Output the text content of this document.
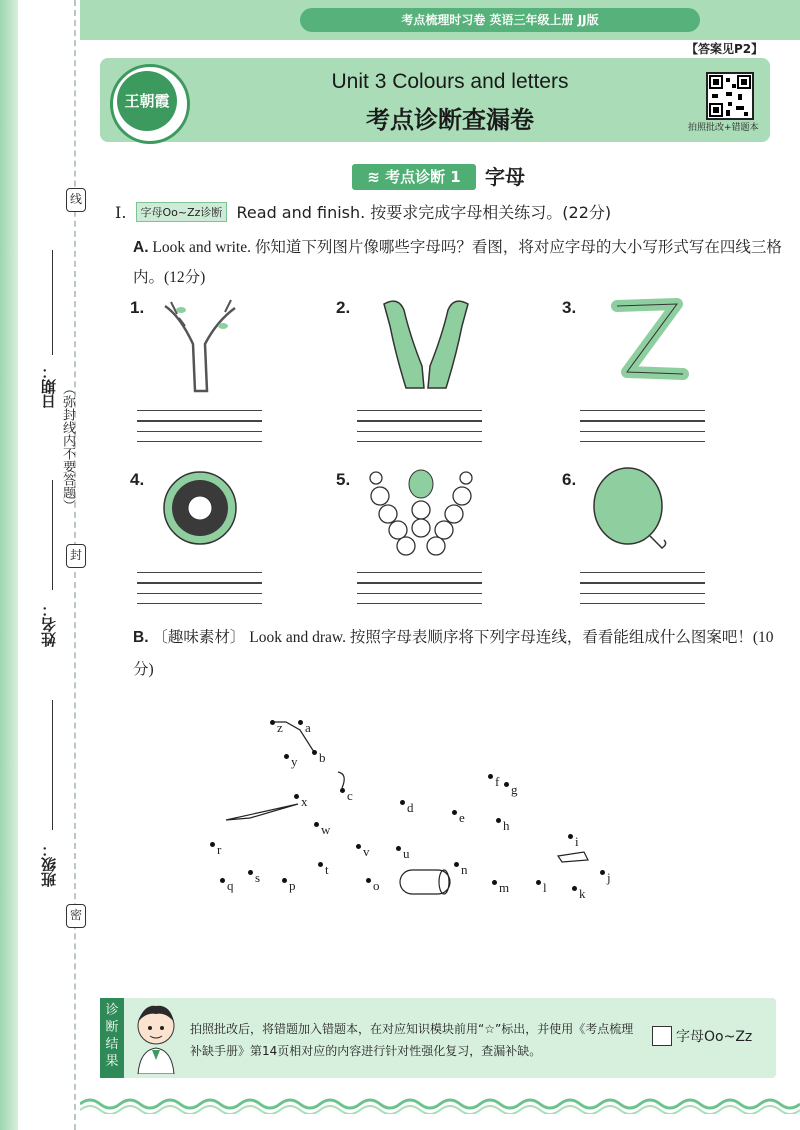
线
封
密
日期： （弥封线内不要答题）
姓名：
班级：
考点梳理时习卷 英语三年级上册 JJ版
【答案见P2】
王朝霞
Unit 3 Colours and letters
考点诊断查漏卷	拍照批改+错题本
≋ 考点诊断 1	字母
Ⅰ. 字母Oo~Zz诊断 Read and finish. 按要求完成字母相关练习。(22分)
A. Look and write. 你知道下列图片像哪些字母吗？看图，将对应字母的大小写形式写在四线三格内。(12分)
1.	2.	3.
4.	5.	6.
B. 〔趣味素材〕 Look and draw. 按照字母表顺序将下列字母连线，看看能组成什么图案吧！(10分)
a
b
c
d
e
f
g
h
i
j
k
l
m
n
o
p
q
r
s
t
u
v
w
x
y
z
诊断结果
拍照批改后，将错题加入错题本，在对应知识模块前用“☆”标出，并使用《考点梳理补缺手册》第14页相对应的内容进行针对性强化复习，查漏补缺。
字母Oo~Zz
